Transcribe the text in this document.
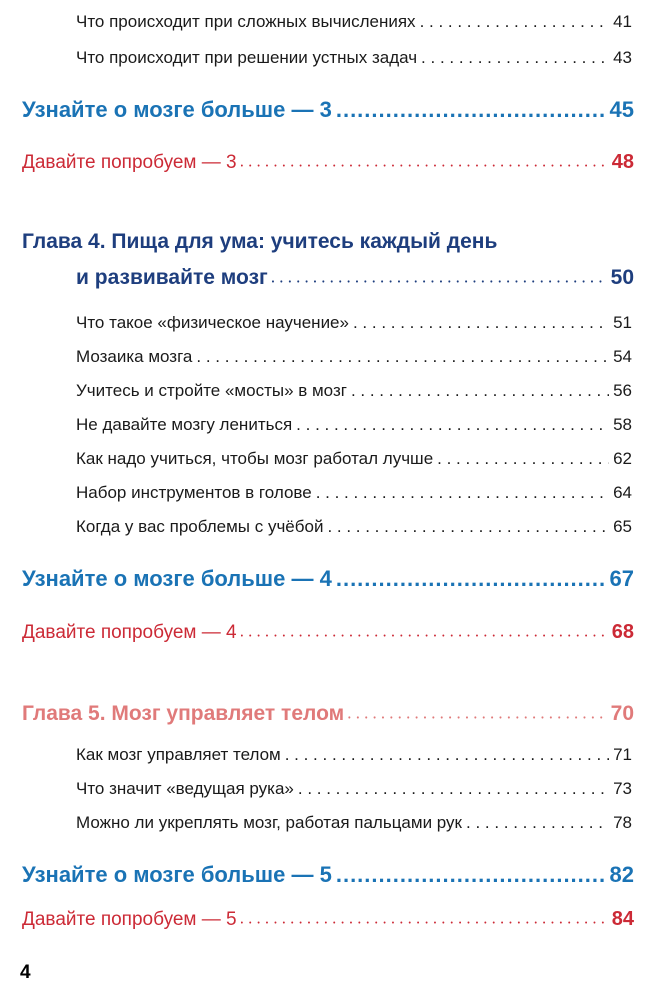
Что происходит при сложных вычислениях . . .	41
Что происходит при решении устных задач . . .	43
Узнайте о мозге больше — 3 .....	45
Давайте попробуем — 3 • • •	48
Глава 4. Пища для ума: учитесь каждый день
и развивайте мозг • • •	50
Что такое «физическое научение» . . .	51
Мозаика мозга . . .	54
Учитесь и стройте «мосты» в мозг . . .	56
Не давайте мозгу лениться . . .	58
Как надо учиться, чтобы мозг работал лучше . . .	62
Набор инструментов в голове . . .	64
Когда у вас проблемы с учёбой . . .	65
Узнайте о мозге больше — 4 .....	67
Давайте попробуем — 4 • • •	68
Глава 5. Мозг управляет телом • • •	70
Как мозг управляет телом . . .	71
Что значит «ведущая рука» . . .	73
Можно ли укреплять мозг, работая пальцами рук . . .	78
Узнайте о мозге больше — 5 .....	82
Давайте попробуем — 5 • • •	84
4
